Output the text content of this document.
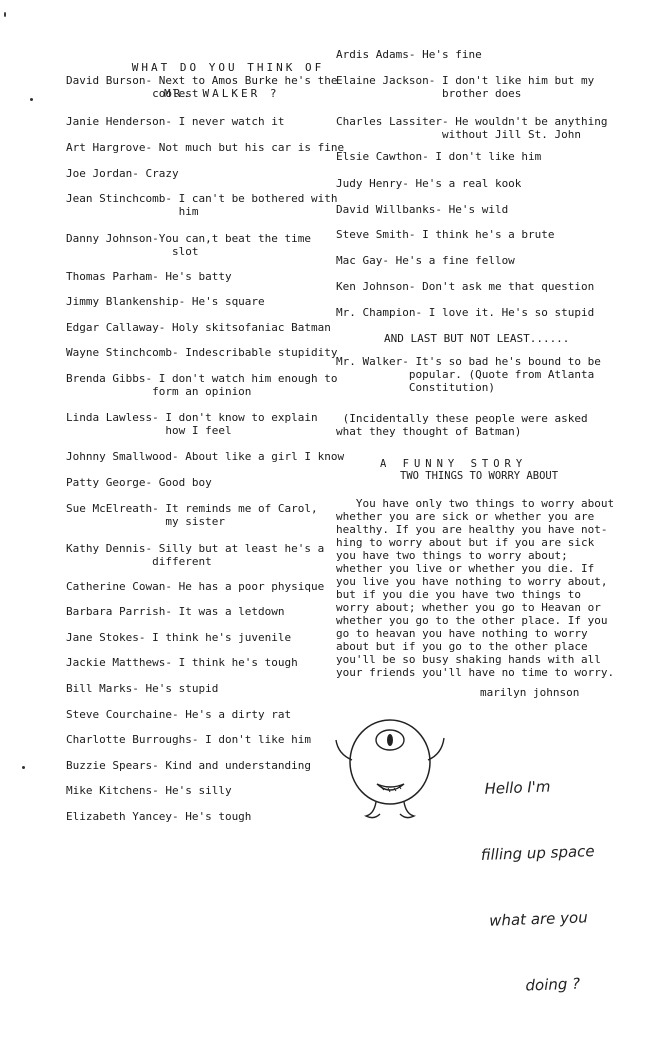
WHAT DO YOU THINK OF

MR. WALKER ?

David Burson- Next to Amos Burke he's the
coolest
Janie Henderson- I never watch it
Art Hargrove- Not much but his car is fine
Joe Jordan- Crazy
Jean Stinchcomb- I can't be bothered with
him
Danny Johnson-You can,t beat the time
slot
Thomas Parham- He's batty
Jimmy Blankenship- He's square
Edgar Callaway- Holy skitsofaniac Batman
Wayne Stinchcomb- Indescribable stupidity
Brenda Gibbs- I don't watch him enough to
form an opinion
Linda Lawless- I don't know to explain
how I feel
Johnny Smallwood- About like a girl I know
Patty George- Good boy
Sue McElreath- It reminds me of Carol,
my sister
Kathy Dennis- Silly but at least he's a
different
Catherine Cowan- He has a poor physique
Barbara Parrish- It was a letdown
Jane Stokes- I think he's juvenile
Jackie Matthews- I think he's tough
Bill Marks- He's stupid
Steve Courchaine- He's a dirty rat
Charlotte Burroughs- I don't like him
Buzzie Spears- Kind and understanding
Mike Kitchens- He's silly
Elizabeth Yancey- He's tough
Ardis Adams- He's fine
Elaine Jackson- I don't like him but my
brother does
Charles Lassiter- He wouldn't be anything
without Jill St. John
Elsie Cawthon- I don't like him
Judy Henry- He's a real kook
David Willbanks- He's wild
Steve Smith- I think he's a brute
Mac Gay- He's a fine fellow
Ken Johnson- Don't ask me that question
Mr. Champion- I love it. He's so stupid
AND LAST BUT NOT LEAST......
Mr. Walker- It's so bad he's bound to be
popular. (Quote from Atlanta
Constitution)
(Incidentally these people were asked
what they thought of Batman)
A FUNNY STORY
TWO THINGS TO WORRY ABOUT
You have only two things to worry about
whether you are sick or whether you are
healthy. If you are healthy you have not-
hing to worry about but if you are sick
you have two things to worry about;
whether you live or whether you die. If
you live you have nothing to worry about,
but if you die you have two things to
worry about; whether you go to Heavan or
whether you go to the other place. If you
go to heavan you have nothing to worry
about but if you go to the other place
you'll be so busy shaking hands with all
your friends you'll have no time to worry.
marilyn johnson

Hello I'm

filling up space

what are you

doing ?
